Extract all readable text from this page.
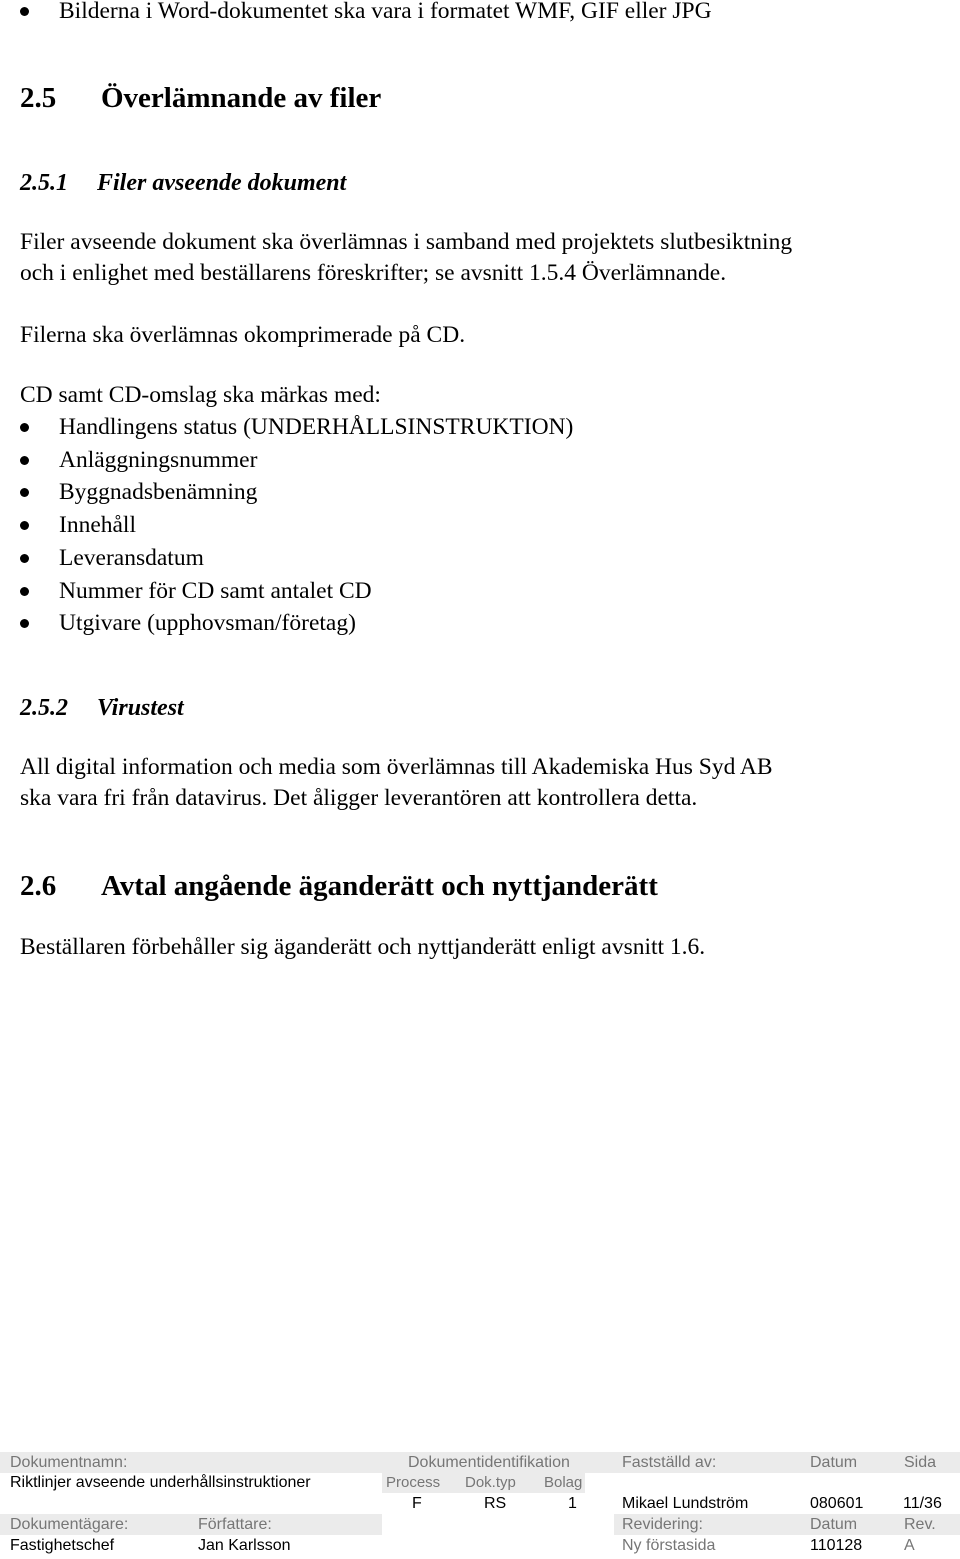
Bilderna i Word-dokumentet ska vara i formatet WMF, GIF eller JPG
2.5 Överlämnande av filer
2.5.1 Filer avseende dokument
Filer avseende dokument ska överlämnas i samband med projektets slutbesiktning
och i enlighet med beställarens föreskrifter; se avsnitt 1.5.4 Överlämnande.
Filerna ska överlämnas okomprimerade på CD.
CD samt CD-omslag ska märkas med:
Handlingens status (UNDERHÅLLSINSTRUKTION)
Anläggningsnummer
Byggnadsbenämning
Innehåll
Leveransdatum
Nummer för CD samt antalet CD
Utgivare (upphovsman/företag)
2.5.2 Virustest
All digital information och media som överlämnas till Akademiska Hus Syd AB
ska vara fri från datavirus. Det åligger leverantören att kontrollera detta.
2.6 Avtal angående äganderätt och nyttjanderätt
Beställaren förbehåller sig äganderätt och nyttjanderätt enligt avsnitt 1.6.
Dokumentnamn:
Riktlinjer avseende underhållsinstruktioner
Dokumentidentifikation
Process Dok.typ Bolag
F	RS	1
Fastställd av:
Mikael Lundström
Datum
080601
Sida
11/36
Dokumentägare:
Fastighetschef
Författare:
Jan Karlsson
Revidering:
Ny förstasida
Datum
110128
Rev.
A
